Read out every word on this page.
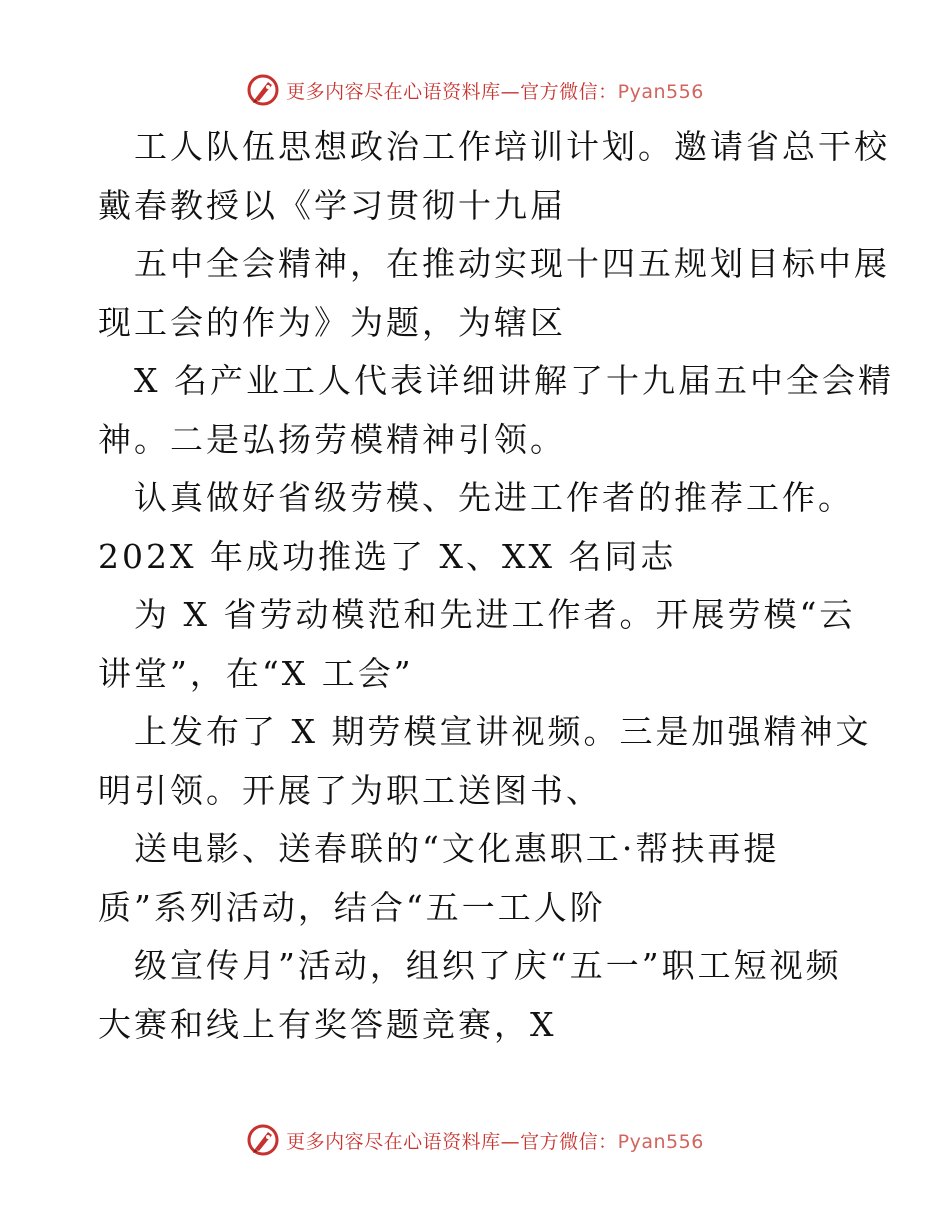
更多内容尽在心语资料库—官方微信：Pyan556
工人队伍思想政治工作培训计划。邀请省总干校
戴春教授以《学习贯彻十九届
五中全会精神，在推动实现十四五规划目标中展
现工会的作为》为题，为辖区
X 名产业工人代表详细讲解了十九届五中全会精
神。二是弘扬劳模精神引领。
认真做好省级劳模、先进工作者的推荐工作。
202X 年成功推选了 X、XX 名同志
为 X 省劳动模范和先进工作者。开展劳模“云
讲堂”，在“X 工会”
上发布了 X 期劳模宣讲视频。三是加强精神文
明引领。开展了为职工送图书、
送电影、送春联的“文化惠职工·帮扶再提
质”系列活动，结合“五一工人阶
级宣传月”活动，组织了庆“五一”职工短视频
大赛和线上有奖答题竞赛，X
更多内容尽在心语资料库—官方微信：Pyan556
